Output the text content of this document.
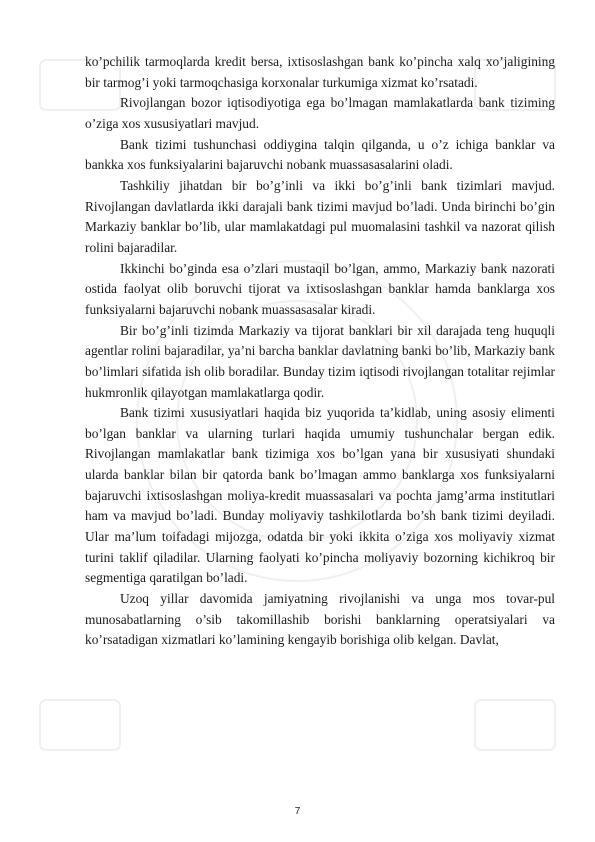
ko’pchilik tarmoqlarda kredit bersa, ixtisoslashgan bank ko’pincha xalq xo’jaligining bir tarmog’i yoki tarmoqchasiga korxonalar turkumiga xizmat ko’rsatadi.

Rivojlangan bozor iqtisodiyotiga ega bo’lmagan mamlakatlarda bank tiziming o’ziga xos xususiyatlari mavjud.

Bank tizimi tushunchasi oddiygina talqin qilganda, u o’z ichiga banklar va bankka xos funksiyalarini bajaruvchi nobank muassasasalarini oladi.

Tashkiliy jihatdan bir bo’g’inli va ikki bo’g’inli bank tizimlari mavjud. Rivojlangan davlatlarda ikki darajali bank tizimi mavjud bo’ladi. Unda birinchi bo’gin Markaziy banklar bo’lib, ular mamlakatdagi pul muomalasini tashkil va nazorat qilish rolini bajaradilar.

Ikkinchi bo’ginda esa o’zlari mustaqil bo’lgan, ammo, Markaziy bank nazorati ostida faolyat olib boruvchi tijorat va ixtisoslashgan banklar hamda banklarga xos funksiyalarni bajaruvchi nobank muassasasalar kiradi.

Bir bo’g’inli tizimda Markaziy va tijorat banklari bir xil darajada teng huquqli agentlar rolini bajaradilar, ya’ni barcha banklar davlatning banki bo’lib, Markaziy bank bo’limlari sifatida ish olib boradilar. Bunday tizim iqtisodi rivojlangan totalitar rejimlar hukmronlik qilayotgan mamlakatlarga qodir.

Bank tizimi xususiyatlari haqida biz yuqorida ta’kidlab, uning asosiy elimenti bo’lgan banklar va ularning turlari haqida umumiy tushunchalar bergan edik. Rivojlangan mamlakatlar bank tizimiga xos bo’lgan yana bir xususiyati shundaki ularda banklar bilan bir qatorda bank bo’lmagan ammo banklarga xos funksiyalarni bajaruvchi ixtisoslashgan moliya-kredit muassasalari va pochta jamg’arma institutlari ham va mavjud bo’ladi. Bunday moliyaviy tashkilotlarda bo’sh bank tizimi deyiladi. Ular ma’lum toifadagi mijozga, odatda bir yoki ikkita o’ziga xos moliyaviy xizmat turini taklif qiladilar. Ularning faolyati ko’pincha moliyaviy bozorning kichikroq bir segmentiga qaratilgan bo’ladi.

Uzoq yillar davomida jamiyatning rivojlanishi va unga mos tovar-pul munosabatlarning o’sib takomillashib borishi banklarning operatsiyalari va ko’rsatadigan xizmatlari ko’lamining kengayib borishiga olib kelgan. Davlat,

7
